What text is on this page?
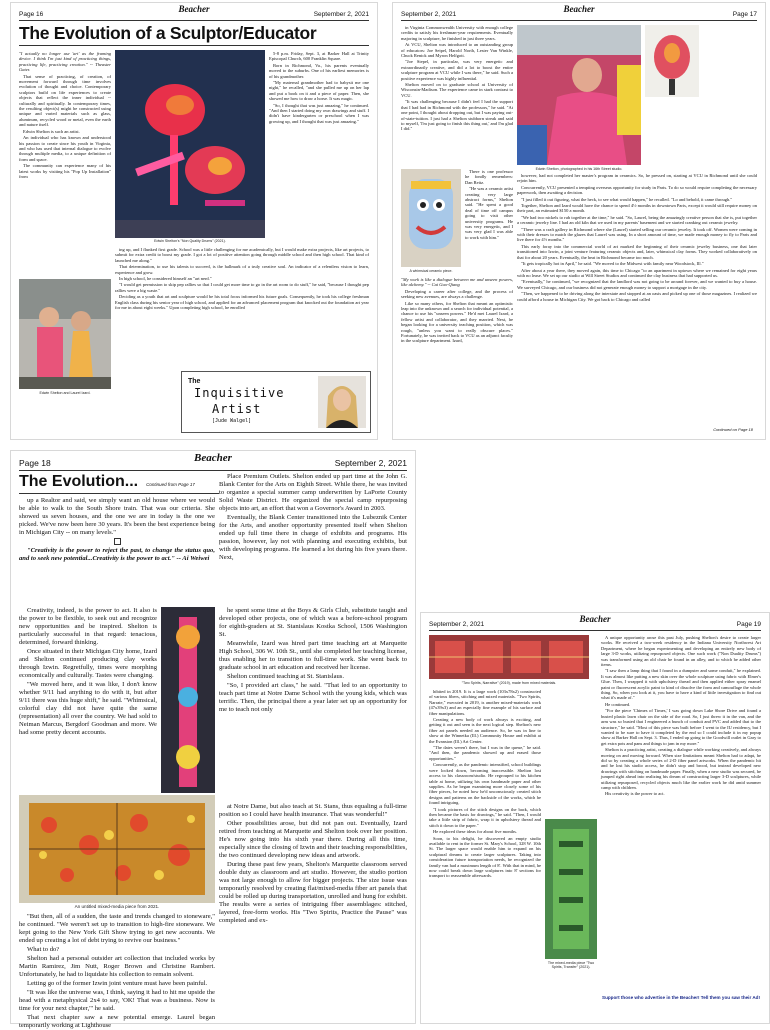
Page 16
Beacher
September 2, 2021
The Evolution of a Sculptor/Educator

"I actually no longer use 'art' as the framing device. I think I'm just kind of practicing things, practicing life, practicing creation." -- Theaster Gates

That sense of practicing, of creation, of movement forward through time involves evolution of thought and choice. Contemporary sculptors build on life experiences to create objects that reflect the inner individual -- culturally and spiritually. In contemporary times, the resulting object(s) might be constructed using unique and varied materials such as glass, aluminum, recycled wood or metal, even the earth and nature itself.

Edwin Shelton is such an artist.

An individual who has known and understood his passion to create since his youth in Virginia, and who has used that internal dialogue to evolve through multiple media, to a unique definition of form and space.

The community can experience many of his latest works by visiting his "Pop Up Installation" from

Edwin Shelton's "Non Quality Drums" (2021).

5-8 p.m. Friday, Sept. 3, at Barker Hall at Trinity Episcopal Church, 600 Franklin Square.

Born in Richmond, Va., his parents eventually moved to the suburbs. One of his earliest memories is of his grandmother.

"My maternal grandmother had to babysit me one night," he recalled, "and she pulled me up on her lap and put a book on it and a piece of paper. Then, she showed me how to draw a horse. It was magic.

"So, I thought that was just amazing," he continued. "And then I started doing my own drawings and stuff. I didn't have kindergarten or preschool when I was growing up, and I thought that was just amazing."

ing up, and I flunked first grade. School was a little challenging for me academically, but I would make extra projects, like art projects, to submit for extra credit to boost my grade. I got a lot of positive attention going through middle school and then high school. That kind of launched me along."

That determination, to use his talents to succeed, is the hallmark of a truly creative soul. An indicator of a relentless vision to learn, experience and grow.

In high school, he considered himself an "art nerd."

"I would get permission to skip pep rallies so that I could get more time to go in the art room to do stuff," he said, "because I thought pep rallies were a big waste."

Deciding as a youth that art and sculpture would be his total focus informed his future goals. Consequently, he took his college freshman English class during his senior year of high school, and applied for an advanced placement program that knocked out the foundation art year for me in about eight weeks." Upon completing high school, he enrolled

Edwin Shelton and Laurel Izard.
The
Inquisitive
Artist
[Jude Walgel]
September 2, 2021
Beacher
Page 17

in Virginia Commonwealth University with enough college credits to satisfy his freshman-year requirements. Eventually majoring in sculpture, he finished in just three years.

At VCU, Shelton was introduced to an outstanding group of educators: Joe Seipel, Harold North, Lester Van Winkle, Chuck Renick and Myron Helfgott.

"Joe Siepel, in particular, was very energetic and extraordinarily creative, and did a lot to boost the entire sculpture program at VCU while I was there," he said. Such a positive experience was highly influential.

Shelton moved on to graduate school at University of Wisconsin-Madison. The experience came in stark contrast to VCU.

"It was challenging because I didn't feel I had the support that I had had in Richmond with the professors," he said. "At one point, I thought about dropping out, but I was paying out-of-state-tuition. I just had a Shelton stubborn streak and said to myself, 'I'm just going to finish this thing out,' and I'm glad I did."

A whimsical ceramic piece.

There is one professor he fondly remembers: Dan Reitz.

"He was a ceramic artist creating very large abstract forms," Shelton said. "He spent a good deal of time off campus going to visit other university programs. He was very energetic, and I was very glad I was able to work with him."

"My work is like a dialogue between me and unseen powers, like alchemy." -- Cai Guo-Qiang

Developing a career after college, and the process of seeking new avenues, are always a challenge.

Like so many others, for Shelton that meant an optimistic leap into the unknown and a search for individual potential, a chance to use his "unseen powers." He'd met Laurel Izard, a fellow artist and collaborator, and they married. Next, he began looking for a university teaching position, which was rough, "unless you want to really obscure places." Fortunately, he was invited back to VCU as an adjunct faculty in the sculpture department. Izard,

Edwin Shelton, photographed in his 16th Street studio.

however, had not completed her master's program in ceramics. So, he pressed on, starting at VCU in Richmond until she could rejoin him.

Concurrently, VCU presented a tempting overseas opportunity for study in Paris. To do so would require completing the necessary paperwork, then awaiting a decision.

"I just filled it out figuring, what the heck, to see what would happen," he recalled. "Lo and behold, it came through."

Together, Shelton and Izard would have the chance to spend 4½ months in downtown Paris, except it would still require money on their part, an estimated $150 a month.

"We had two nickels to rub together at the time," he said. "So, Laurel, being the amazingly creative person that she is, put together a ceramic jewelry line. I had an old kiln that we used in my parents' basement and we started cranking out ceramic jewelry.

"There was a craft gallery in Richmond where she (Laurel) started selling our ceramic jewelry. It took off. Women were coming in with their dresses to match the glazes that Laurel was using. In a short amount of time, we made enough money to fly to Paris and live there for 4½ months."

This early foray into the commercial world of art marked the beginning of their ceramic jewelry business, one that later transitioned into Izwin, a joint venture featuring ceramic objects and, later, whimsical clay forms. They worked collaboratively on that for about 20 years. Eventually, the heat in Richmond became too much.

"It gets tropically hot in April," he said. "We moved to the Midwest with family near Woodstock, Ill."

After about a year there, they moved again, this time to Chicago "to an apartment in uptown where we remained for eight years with no lease. We set up our studio at Will Street Studios and continued the clay business that had supported us.

"Eventually," he continued, "we recognized that the landlord was not going to be around forever, and we wanted to buy a house. We surveyed Chicago, and our business did not generate enough money to support a mortgage in the city.

"Then, we happened to be driving along the interstate and stopped at an oasis and picked up one of those magazines. I realized we could afford a house in Michigan City. We got back to Chicago and called

Continued on Page 18
Page 18	Beacher	September 2, 2021
The Evolution... Continued from Page 17

up a Realtor and said, we simply want an old house where we would be able to walk to the South Shore train. That was our criteria. She showed us seven houses, and the one we are in today is the one we picked. We've now been here 30 years. It's been the best experience being in Michigan City -- on many levels."

"Creativity is the power to reject the past, to change the status quo, and to seek new potential...Creativity is the power to act." -- Ai Weiwei

Creativity, indeed, is the power to act. It also is the power to be flexible, to seek out and recognize new opportunities and be inspired. Shelton is particularly successful in that regard: tenacious, determined, forward thinking.

Once situated in their Michigan City home, Izard and Shelton continued producing clay works through Izwin. Regretfully, times were morphing economically and culturally. Tastes were changing.

"We moved here, and it was like, I don't know whether 9/11 had anything to do with it, but after 9/11 there was this huge shift," he said. "Whimsical, colorful clay did not have quite the same (representation) all over the country. We had sold to Neiman Marcus, Bergdorf Goodman and more. We had some pretty decent accounts.

An untitled mixed-media piece from 2021.

"But then, all of a sudden, the taste and trends changed to stoneware," he continued. "We weren't set up to transition to high-fire stoneware. We kept going to the New York Gift Show trying to get new accounts. We ended up creating a lot of debt trying to revive our business."

What to do?

Shelton had a personal outsider art collection that included works by Martin Ramirez, Jim Nutt, Roger Brown and Christine Rambert. Unfortunately, he had to liquidate his collection to remain solvent.

Letting go of the former Izwin joint venture must have been painful.

"It was like the universe was, I think, saying it had to hit me upside the head with a metaphysical 2x4 to say, 'OK! That was a business. Now is time for your next chapter,'" he said.

That next chapter saw a new potential emerge. Laurel began temporarily working at Lighthouse

Place Premium Outlets. Shelton ended up part time at the John G. Blank Center for the Arts on Eighth Street. While there, he was invited to organize a special summer camp underwritten by LaPorte County Solid Waste District. He organized the special camp repurposing objects into art, an effort that won a Governor's Award in 2003.

Eventually, the Blank Center transitioned into the Lubeznik Center for the Arts, and another opportunity presented itself when Shelton ended up full time there in charge of exhibits and programs. His passion, however, lay not with planning and executing exhibits, but with developing programs. He learned a lot during his five years there. Next,

he spent some time at the Boys & Girls Club, substitute taught and developed other projects, one of which was a before-school program for eighth-graders at St. Stanislaus Kostka School, 1506 Washington St.

Meanwhile, Izard was hired part time teaching art at Marquette High School, 306 W. 10th St., until she completed her teaching license, thus enabling her to transition to full-time work. She went back to graduate school in art education and received her license.

Shelton continued teaching at St. Stanislaus.

"So, I provided art class," he said. "That led to an opportunity to teach part time at Notre Dame School with the young kids, which was terrific. Then, the principal there a year later set up an opportunity for me to teach not only

at Notre Dame, but also teach at St. Stans, thus equaling a full-time position so I could have health insurance. That was wonderful!"

Other possibilities arose, but did not pan out. Eventually, Izard retired from teaching at Marquette and Shelton took over her position. He's now going into his sixth year there. During all this time, especially since the closing of Izwin and their teaching responsibilities, the two continued developing new ideas and artwork.

During these past few years, Shelton's Marquette classroom served double duty as classroom and art studio. However, the studio portion was not large enough to allow for bigger projects. The size issue was temporarily resolved by creating flat/mixed-media fiber art panels that could be rolled up during transportation, unrolled and hung for exhibit. The results were a series of intriguing fiber assemblages: stitched, layered, free-form works. His "Two Spirits, Practice the Pause" was completed and ex-

September 2, 2021
Beacher
Page 19
"Two Spirits, Narrative" (2019), made from mixed materials.

hibited in 2019. It is a large work (103x78x2) constructed of various fibers, stitching and mixed materials. "Two Spirits, Narrate," executed in 2019, is another mixed-materials work (47x39x3) and an especially fine example of his surface and fiber manipulations.

Creating a new body of work always is exciting, and getting it out and seen is the next logical step. Shelton's new fiber art panels needed an audience. So, he was in line to show at the Winnetka (Ill.) Community House and exhibit at the Evanston (Ill.) Art Center.

"The dates weren't there, but I was in the queue," he said. "And then, the pandemic showed up and erased those opportunities."

Concurrently, as the pandemic intensified, school buildings were locked down, becoming inaccessible. Shelton lost access to his classroom/studio. He regrouped to his kitchen table at home, utilizing his own handmade paper and other supplies. As he began examining more closely some of his fiber pieces, he noted how he'd unconsciously created stitch designs and patterns on the backside of the works, which he found intriguing.

"I took pictures of the stitch designs on the back, which then became the basis for drawings," he said. "Then, I would take a little strip of fabric, wrap it in upholstery thread and stitch it down to the paper."

He explored these ideas for about five months.

Soon, to his delight, he discovered an empty studio available to rent in the former St. Mary's School, 328 W. 10th St. The larger space would enable him to expand on his sculptural dreams to create larger sculptures. Taking into consideration future transportation needs, he recognized the family van had a maximum length of 8'. With that in mind, he now could break down large sculptures into 8' sections for transport to reassemble afterwards.

The mixed-media piece "Two Spirits, Transfer" (2021).

A unique opportunity arose this past July, pushing Shelton's desire to create larger works. He received a two-week residency in the Indiana University Northwest Art Department, where he began experimenting and developing an entirely new body of large 3-D works, utilizing repurposed objects. One such work ("Non Duality Drums") was transformed using an old chair he found in an alley, and to which he added other items.

"I saw then a lamp thing that I found in a dumpster and some conduit," he explained. It was almost like putting a new skin over the whole sculpture using fabric with Elmer's Glue. Then, I wrapped it with upholstery thread and then applied either spray enamel paint or fluorescent acrylic paint to kind of dissolve the form and camouflage the whole thing. So, when you look at it, you have to have a kind of little investigation to find out what it's made of."

He continued.

"For the piece 'Chimes of Times,' I was going down Lake Shore Drive and found a busted plastic lawn chair on the side of the road. So, I just threw it in the van, and the arm was so busted that I engineered a bunch of conduit and PVC and added that to the structure," he said. "Most of this piece was built before I went to the IU residency, but I wanted to be sure to have it completed by the end so I could include it in my popup show at Barker Hall on Sept. 3. Thus, I ended up going to the Goodwill outlet in Gary to get extra pots and pans and things to jam in my more."

Shelton is a practicing artist, creating a dialogue while working creatively, and always moving on and moving forward. When size limitations meant Shelton had to adapt, he did so by creating a whole series of 2-D fiber panel artworks. When the pandemic hit and he lost his studio access, he didn't stop and brood, but instead developed new drawings with stitching on handmade paper. Finally, when a new studio was secured, he jumped right ahead into realizing his dream of constructing larger 3-D sculptures, while utilizing repurposed, recycled objects much like the earlier work he did amid summer camp with children.

His creativity is the power to act.

Support those who advertise in the Beacher! Tell them you saw their Ad!
